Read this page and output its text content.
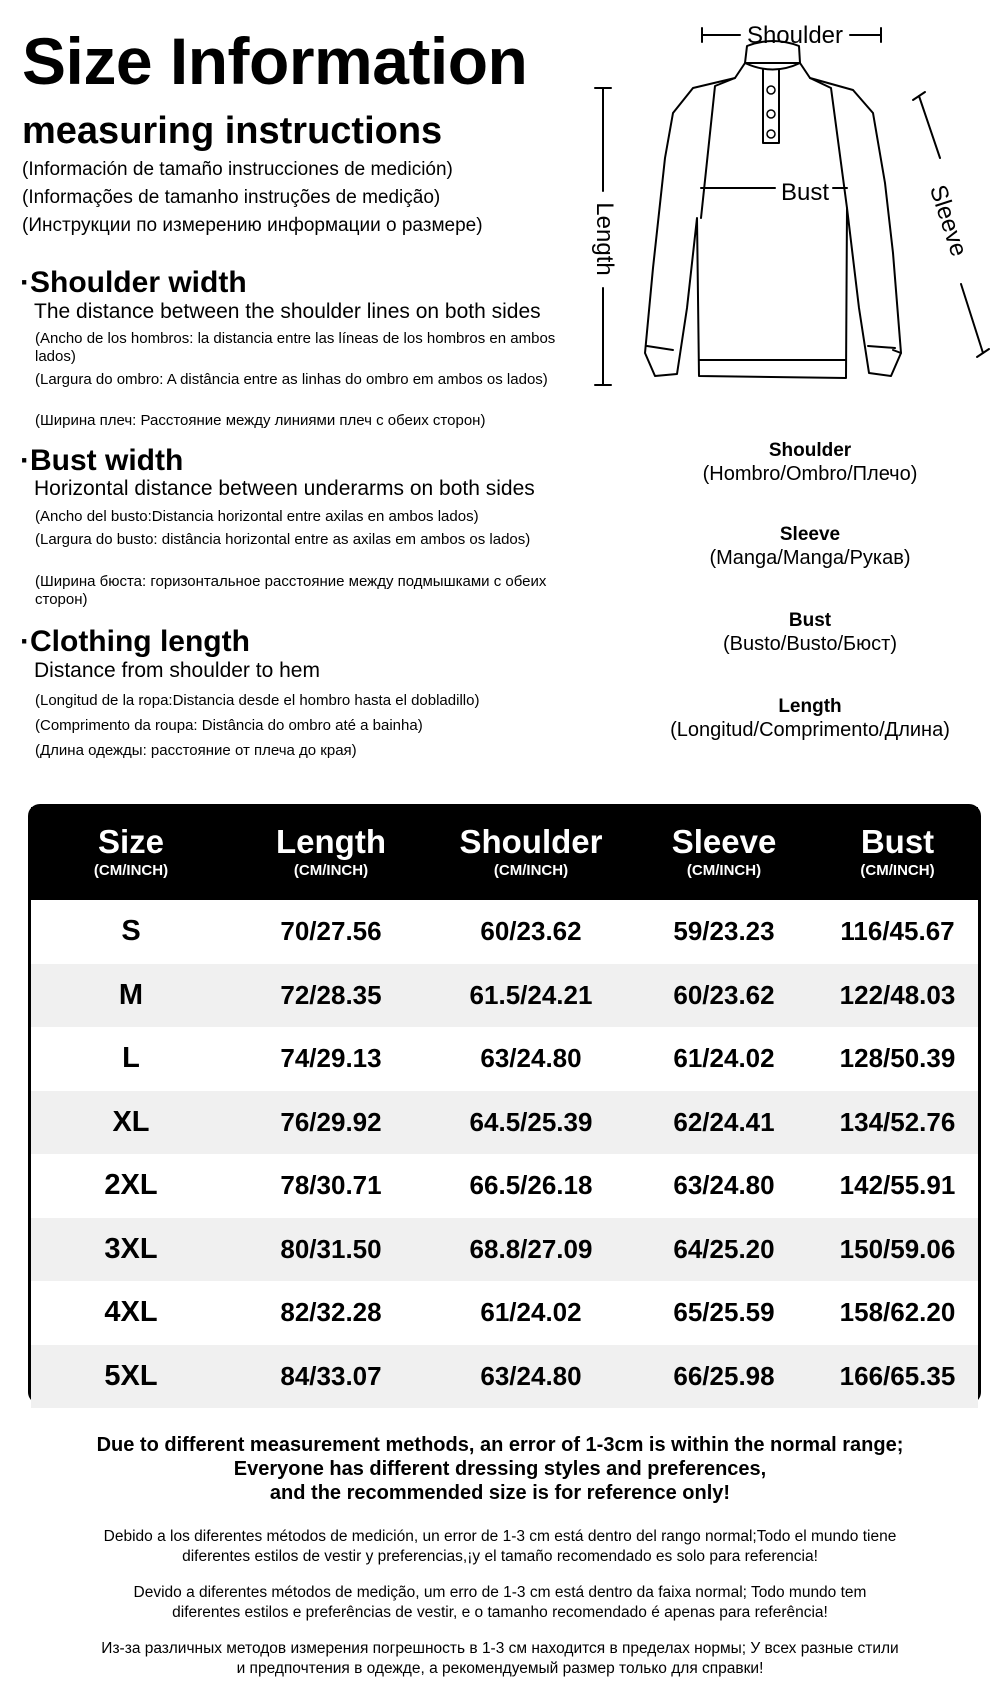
Size Information
measuring instructions
(Información de tamaño instrucciones de medición)
(Informações de tamanho instruções de medição)
(Инструкции по измерению информации о размере)
·Shoulder width
The distance between the shoulder lines on both sides
(Ancho de los hombros: la distancia entre las líneas de los hombros en ambos lados)
(Largura do ombro: A distância entre as linhas do ombro em ambos os lados)
(Ширина плеч: Расстояние между линиями плеч с обеих сторон)
·Bust width
Horizontal distance between underarms on both sides
(Ancho del busto:Distancia horizontal entre axilas en ambos lados)
(Largura do busto: distância horizontal entre as axilas em ambos os lados)
(Ширина бюста: горизонтальное расстояние между подмышками с обеих сторон)
·Clothing length
Distance from shoulder to hem
(Longitud de la ropa:Distancia desde el hombro hasta el dobladillo)
(Comprimento da roupa: Distância do ombro até a bainha)
(Длина одежды: расстояние от плеча до края)
Shoulder
Bust
Length	Sleeve
Shoulder
(Hombro/Ombro/Плечо)
Sleeve
(Manga/Manga/Рукав)
Bust
(Busto/Busto/Бюст)
Length
(Longitud/Comprimento/Длина)
Size
(CM/INCH)
Length
(CM/INCH)
Shoulder
(CM/INCH)
Sleeve
(CM/INCH)
Bust
(CM/INCH)
S	70/27.56	60/23.62	59/23.23	116/45.67
M	72/28.35	61.5/24.21	60/23.62	122/48.03
L	74/29.13	63/24.80	61/24.02	128/50.39
XL	76/29.92	64.5/25.39	62/24.41	134/52.76
2XL	78/30.71	66.5/26.18	63/24.80	142/55.91
3XL	80/31.50	68.8/27.09	64/25.20	150/59.06
4XL	82/32.28	61/24.02	65/25.59	158/62.20
5XL	84/33.07	63/24.80	66/25.98	166/65.35
Due to different measurement methods, an error of 1-3cm is within the normal range;
Everyone has different dressing styles and preferences,
and the recommended size is for reference only!
Debido a los diferentes métodos de medición, un error de 1-3 cm está dentro del rango normal;Todo el mundo tiene
diferentes estilos de vestir y preferencias,¡y el tamaño recomendado es solo para referencia!
Devido a diferentes métodos de medição, um erro de 1-3 cm está dentro da faixa normal; Todo mundo tem
diferentes estilos e preferências de vestir, e o tamanho recomendado é apenas para referência!
Из-за различных методов измерения погрешность в 1-3 см находится в пределах нормы; У всех разные стили
и предпочтения в одежде, а рекомендуемый размер только для справки!
